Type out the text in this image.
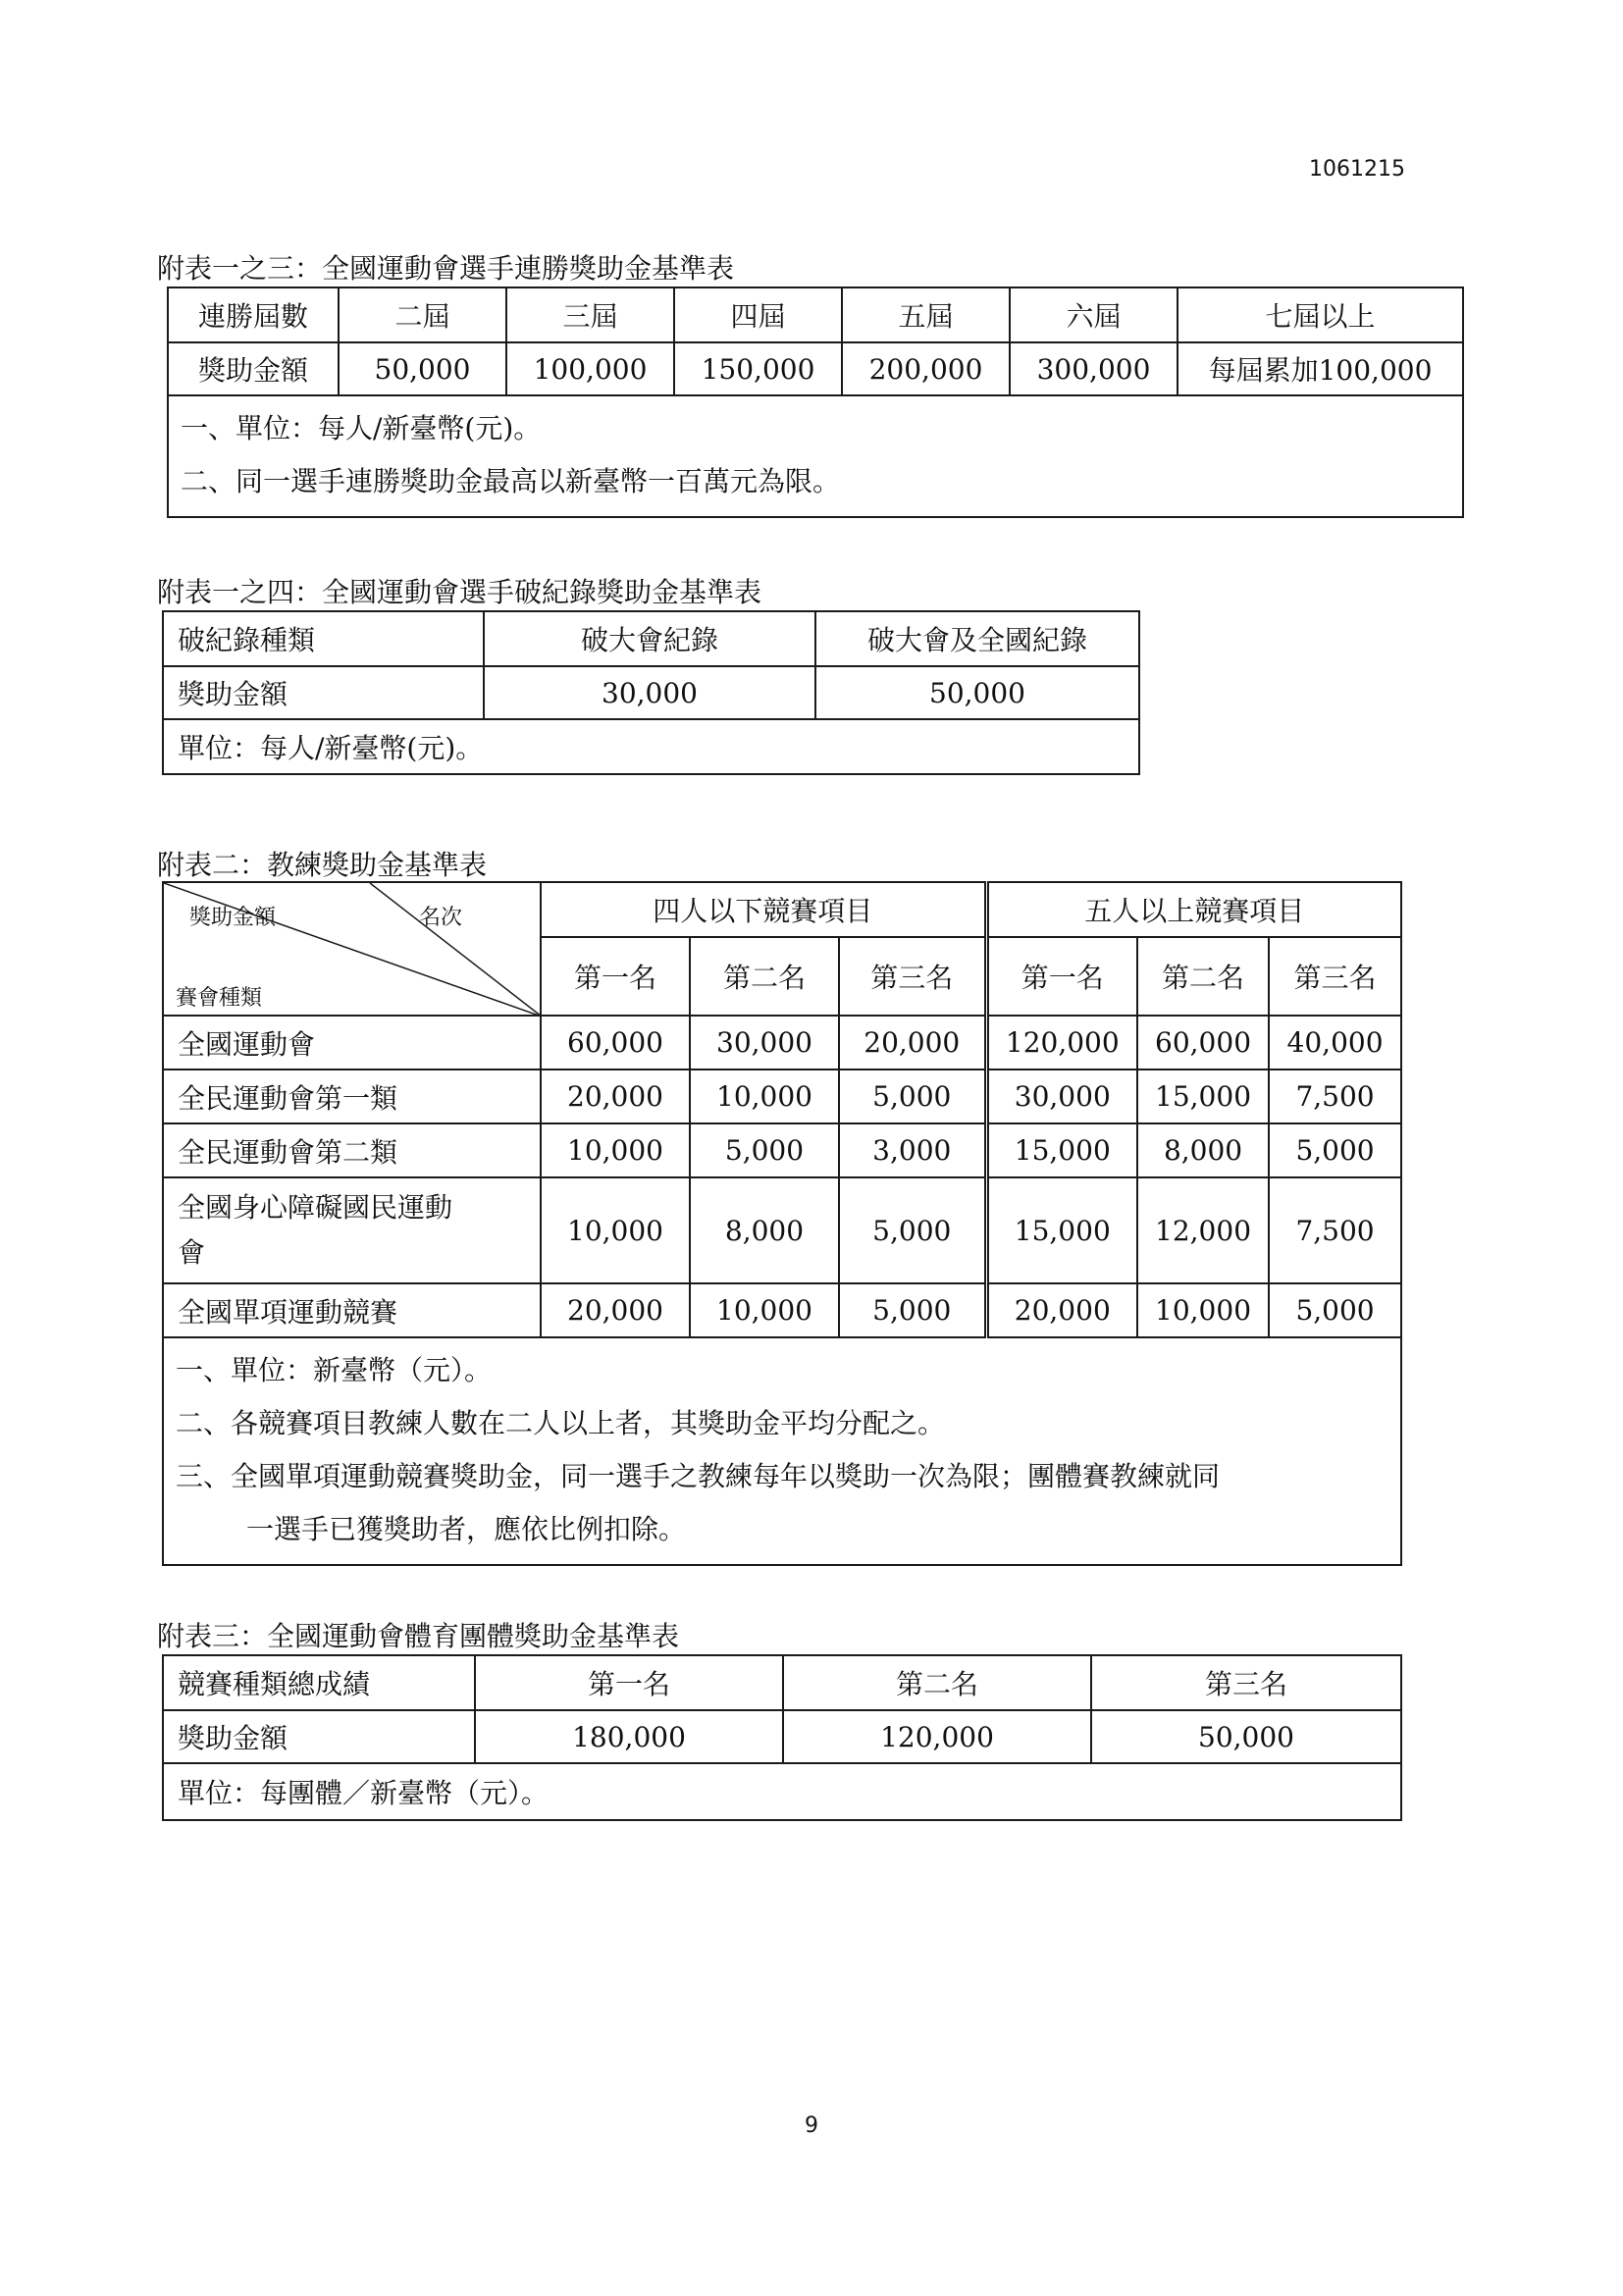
1061215
附表一之三：全國運動會選手連勝獎助金基準表
連勝屆數	二屆	三屆	四屆	五屆	六屆	七屆以上
獎助金額	50,000	100,000	150,000	200,000	300,000	每屆累加100,000

一、單位：每人/新臺幣(元)。
二、同一選手連勝獎助金最高以新臺幣一百萬元為限。						
附表一之四：全國運動會選手破紀錄獎助金基準表
破紀錄種類	破大會紀錄	破大會及全國紀錄
獎助金額	30,000	50,000
單位：每人/新臺幣(元)。		
附表二：教練獎助金基準表
獎助金額 名次
賽會種類	四人以下競賽項目			五人以上競賽項目		
	第一名	第二名	第三名	第一名	第二名	第三名
全國運動會	60,000	30,000	20,000	120,000	60,000	40,000
全民運動會第一類	20,000	10,000	5,000	30,000	15,000	7,500
全民運動會第二類	10,000	5,000	3,000	15,000	8,000	5,000

全國身心障礙國民運動
會	10,000	8,000	5,000	15,000	12,000	7,500
全國單項運動競賽	20,000	10,000	5,000	20,000	10,000	5,000

一、單位：新臺幣（元）。
二、各競賽項目教練人數在二人以上者，其獎助金平均分配之。
三、全國單項運動競賽獎助金，同一選手之教練每年以獎助一次為限；團體賽教練就同
一選手已獲獎助者，應依比例扣除。						
附表三：全國運動會體育團體獎助金基準表
競賽種類總成績	第一名	第二名	第三名
獎助金額	180,000	120,000	50,000
單位：每團體／新臺幣（元）。			
9
